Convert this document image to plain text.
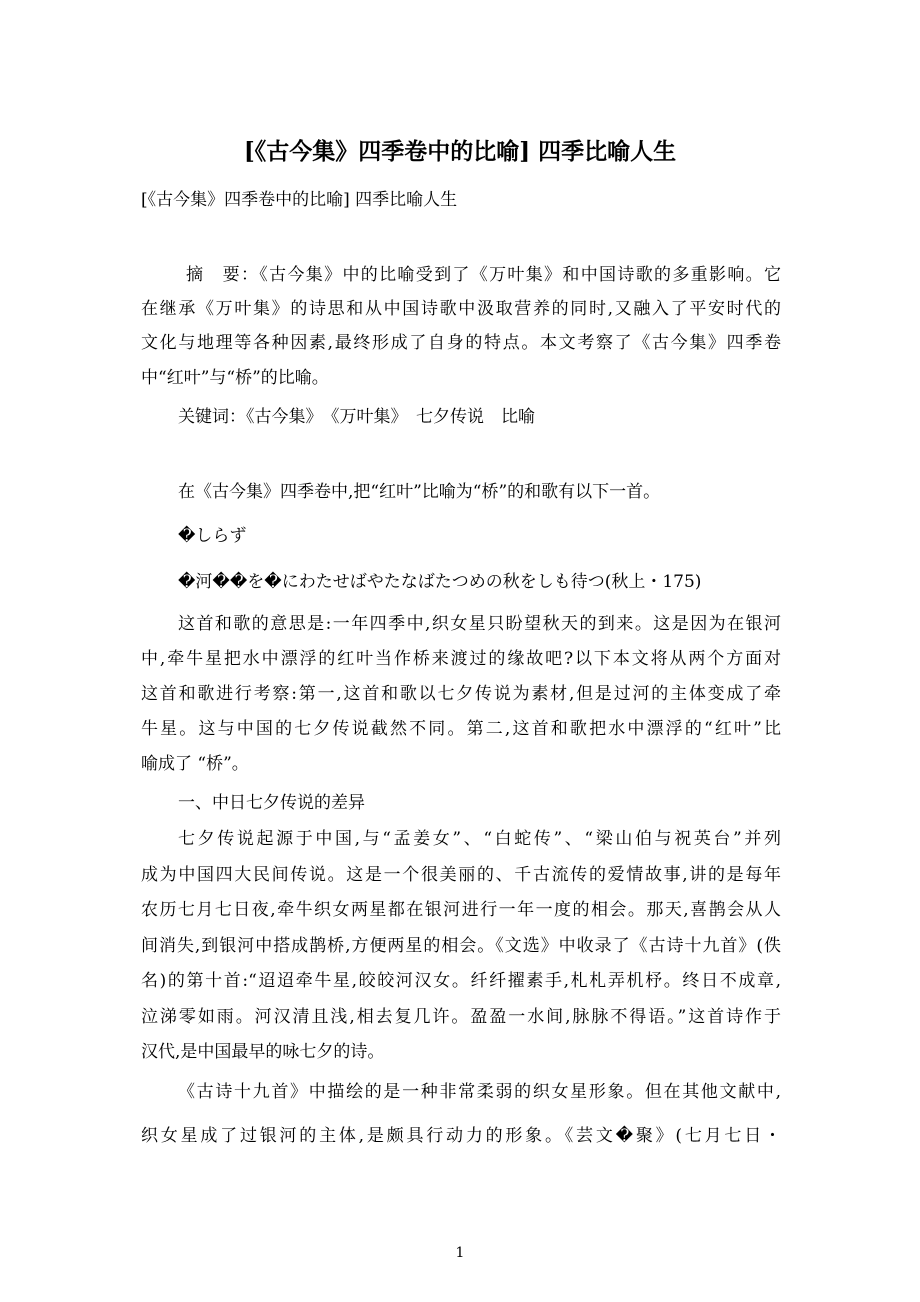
[《古今集》四季卷中的比喻] 四季比喻人生
[《古今集》四季卷中的比喻] 四季比喻人生
摘　要：《古今集》中的比喻受到了《万叶集》和中国诗歌的多重影响。它
在继承《万叶集》的诗思和从中国诗歌中汲取营养的同时,又融入了平安时代的
文化与地理等各种因素,最终形成了自身的特点。本文考察了《古今集》四季卷
中“红叶”与“桥”的比喻。
关键词：《古今集》　《万叶集》　七夕传说　比喻
在《古今集》四季卷中,把“红叶”比喻为“桥”的和歌有以下一首。
�しらず
�河��を�にわたせばやたなばたつめの秋をしも待つ(秋上・175)
这首和歌的意思是:一年四季中,织女星只盼望秋天的到来。这是因为在银河
中,牵牛星把水中漂浮的红叶当作桥来渡过的缘故吧?以下本文将从两个方面对
这首和歌进行考察:第一,这首和歌以七夕传说为素材,但是过河的主体变成了牵
牛星。这与中国的七夕传说截然不同。第二,这首和歌把水中漂浮的“红叶”比
喻成了 “桥”。
一、中日七夕传说的差异
七夕传说起源于中国,与“孟姜女”、“白蛇传”、“梁山伯与祝英台”并列
成为中国四大民间传说。这是一个很美丽的、千古流传的爱情故事,讲的是每年
农历七月七日夜,牵牛织女两星都在银河进行一年一度的相会。那天,喜鹊会从人
间消失,到银河中搭成鹊桥,方便两星的相会。《文选》中收录了《古诗十九首》(佚
名)的第十首:“迢迢牵牛星,皎皎河汉女。纤纤擢素手,札札弄机杼。终日不成章,
泣涕零如雨。河汉清且浅,相去复几许。盈盈一水间,脉脉不得语。”这首诗作于
汉代,是中国最早的咏七夕的诗。
《古诗十九首》中描绘的是一种非常柔弱的织女星形象。但在其他文献中,
织女星成了过银河的主体,是颇具行动力的形象。《芸文�聚》(七月七日・
1
